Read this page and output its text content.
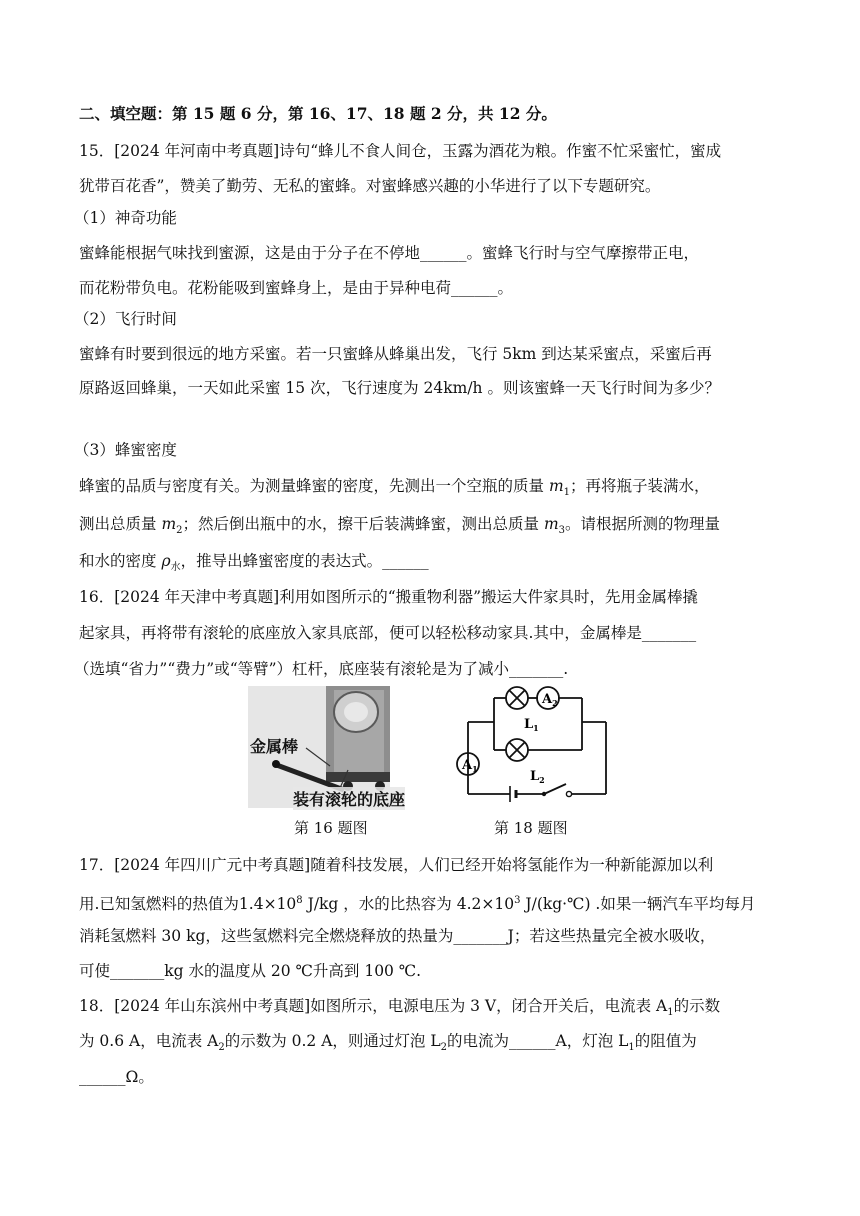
二、填空题：第 15 题 6 分，第 16、17、18 题 2 分，共 12 分。
15．[2024 年河南中考真题]诗句“蜂儿不食人间仓，玉露为酒花为粮。作蜜不忙采蜜忙，蜜成
犹带百花香”，赞美了勤劳、无私的蜜蜂。对蜜蜂感兴趣的小华进行了以下专题研究。
（1）神奇功能
蜜蜂能根据气味找到蜜源，这是由于分子在不停地______。蜜蜂飞行时与空气摩擦带正电，
而花粉带负电。花粉能吸到蜜蜂身上，是由于异种电荷______。
（2）飞行时间
蜜蜂有时要到很远的地方采蜜。若一只蜜蜂从蜂巢出发，飞行 5km 到达某采蜜点，采蜜后再
原路返回蜂巢，一天如此采蜜 15 次，飞行速度为 24km/h 。则该蜜蜂一天飞行时间为多少？
（3）蜂蜜密度
蜂蜜的品质与密度有关。为测量蜂蜜的密度，先测出一个空瓶的质量 $m_1$；再将瓶子装满水，
测出总质量 $m_2$；然后倒出瓶中的水，擦干后装满蜂蜜，测出总质量 $m_3$。请根据所测的物理量
和水的密度 $\rho_水$，推导出蜂蜜密度的表达式。______
16．[2024 年天津中考真题]利用如图所示的“搬重物利器”搬运大件家具时，先用金属棒撬
起家具，再将带有滚轮的底座放入家具底部，便可以轻松移动家具.其中，金属棒是_______
（选填“省力”“费力”或“等臂”）杠杆，底座装有滚轮是为了减小_______.
金属棒
装有滚轮的底座
$A_2$
$A_1$
$L_1$
$L_2$
第 16 题图	第 18 题图
17．[2024 年四川广元中考真题]随着科技发展，人们已经开始将氢能作为一种新能源加以利
用.已知氢燃料的热值为$1.4\times 10^8$ J/kg ，水的比热容为 $4.2\times 10^3$ J/(kg·℃) .如果一辆汽车平均每月
消耗氢燃料 30 kg，这些氢燃料完全燃烧释放的热量为_______J；若这些热量完全被水吸收，
可使_______kg 水的温度从 20 ℃升高到 100 ℃.
18．[2024 年山东滨州中考真题]如图所示，电源电压为 3 V，闭合开关后，电流表 $A_1$的示数
为 0.6 A，电流表 $A_2$的示数为 0.2 A，则通过灯泡 $L_2$的电流为______A，灯泡 $L_1$的阻值为
______Ω。
